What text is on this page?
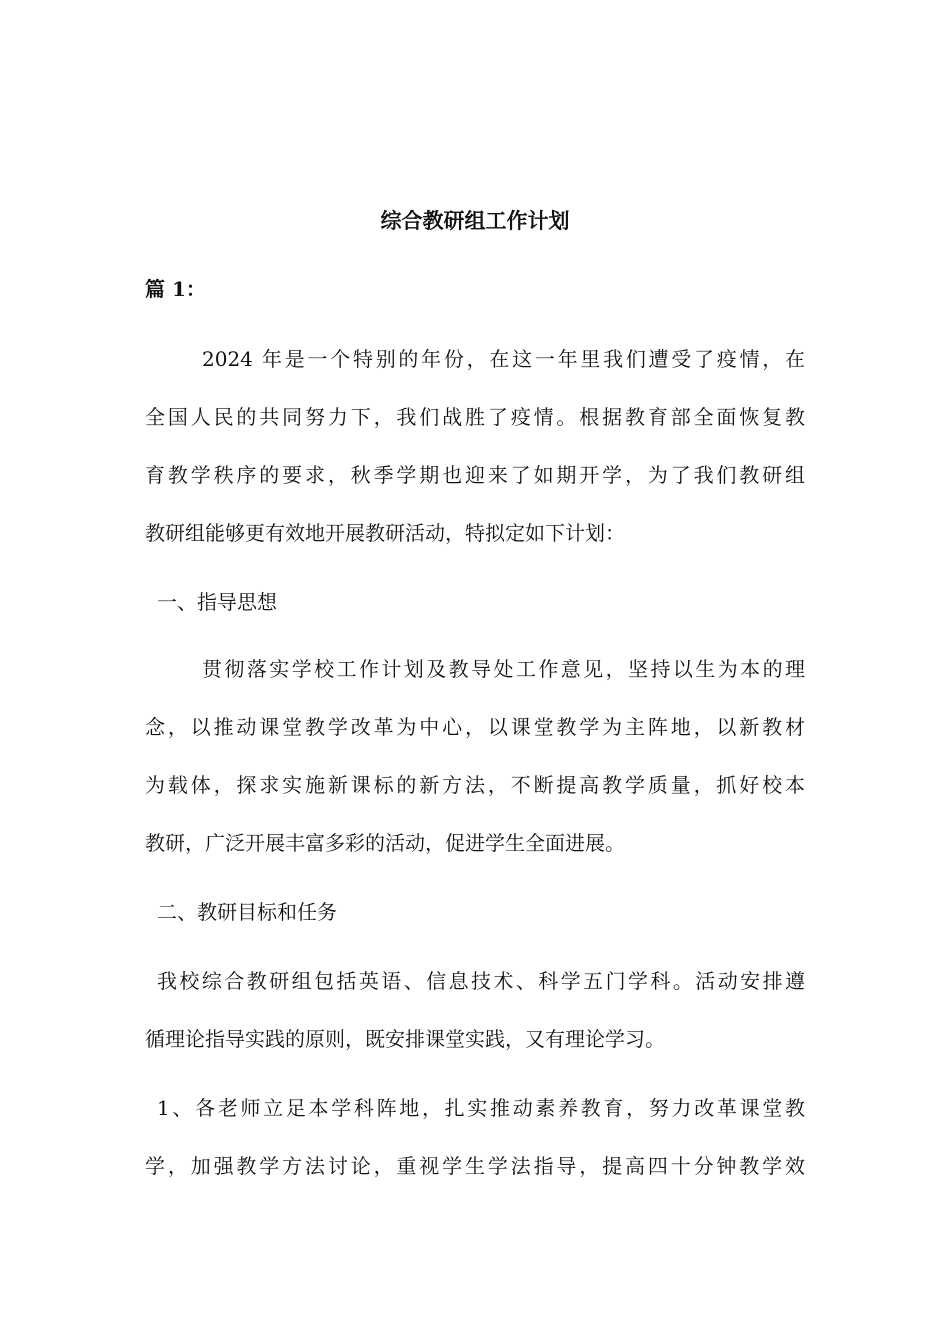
综合教研组工作计划
篇 1：
2024 年是一个特别的年份，在这一年里我们遭受了疫情，在
全国人民的共同努力下，我们战胜了疫情。根据教育部全面恢复教
育教学秩序的要求，秋季学期也迎来了如期开学，为了我们教研组
教研组能够更有效地开展教研活动，特拟定如下计划：
一、指导思想
贯彻落实学校工作计划及教导处工作意见，坚持以生为本的理
念，以推动课堂教学改革为中心，以课堂教学为主阵地，以新教材
为载体，探求实施新课标的新方法，不断提高教学质量，抓好校本
教研，广泛开展丰富多彩的活动，促进学生全面进展。
二、教研目标和任务
我校综合教研组包括英语、信息技术、科学五门学科。活动安排遵
循理论指导实践的原则，既安排课堂实践，又有理论学习。
1、各老师立足本学科阵地，扎实推动素养教育，努力改革课堂教
学，加强教学方法讨论，重视学生学法指导，提高四十分钟教学效
